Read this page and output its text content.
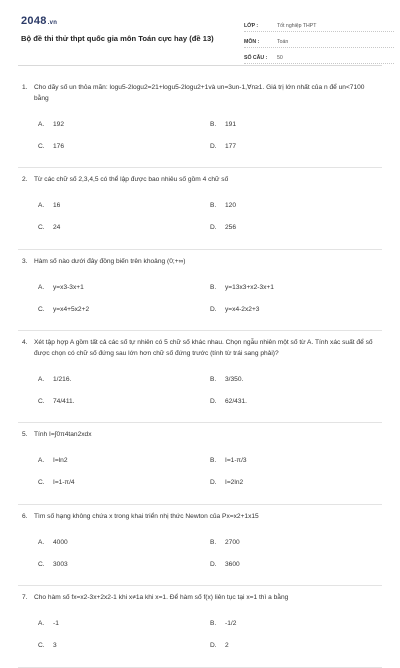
2048.vn
Bộ đề thi thử thpt quốc gia môn Toán cực hay (đề 13)
LỚP :	Tốt nghiệp THPT
MÔN :	Toán
SỐ CÂU :	50
1. Cho dãy số un thỏa mãn: logu5-2logu2=21+logu5-2logu2+1và un=3un-1,∀n≥1. Giá trị lớn nhất của n để un<7100 bằng
A.	192	B.	191
C.	176	D.	177
2. Từ các chữ số 2,3,4,5 có thể lập được bao nhiêu số gồm 4 chữ số
A.	16	B.	120
C.	24	D.	256
3. Hàm số nào dưới đây đồng biến trên khoảng (0;+∞)
A.	y=x3-3x+1	B.	y=13x3+x2-3x+1
C.	y=x4+5x2+2	D.	y=x4-2x2+3
4. Xét tập hợp A gồm tất cả các số tự nhiên có 5 chữ số khác nhau. Chọn ngẫu nhiên một số từ A. Tính xác suất để số được chọn có chữ số đứng sau lớn hơn chữ số đứng trước (tính từ trái sang phải)?
A.	1/216.	B.	3/350.
C.	74/411.	D.	62/431.
5. Tính I=∫0π4tan2xdx
A.	I=ln2	B.	I=1-π/3
C.	I=1-π/4	D.	I=2ln2
6. Tìm số hạng không chứa x trong khai triển nhị thức Newton của Px=x2+1x15
A.	4000	B.	2700
C.	3003	D.	3600
7. Cho hàm số fx=x2-3x+2x2-1 khi x≠1a khi x=1. Để hàm số f(x) liên tục tại x=1 thì a bằng
A.	-1	B.	-1/2
C.	3	D.	2
